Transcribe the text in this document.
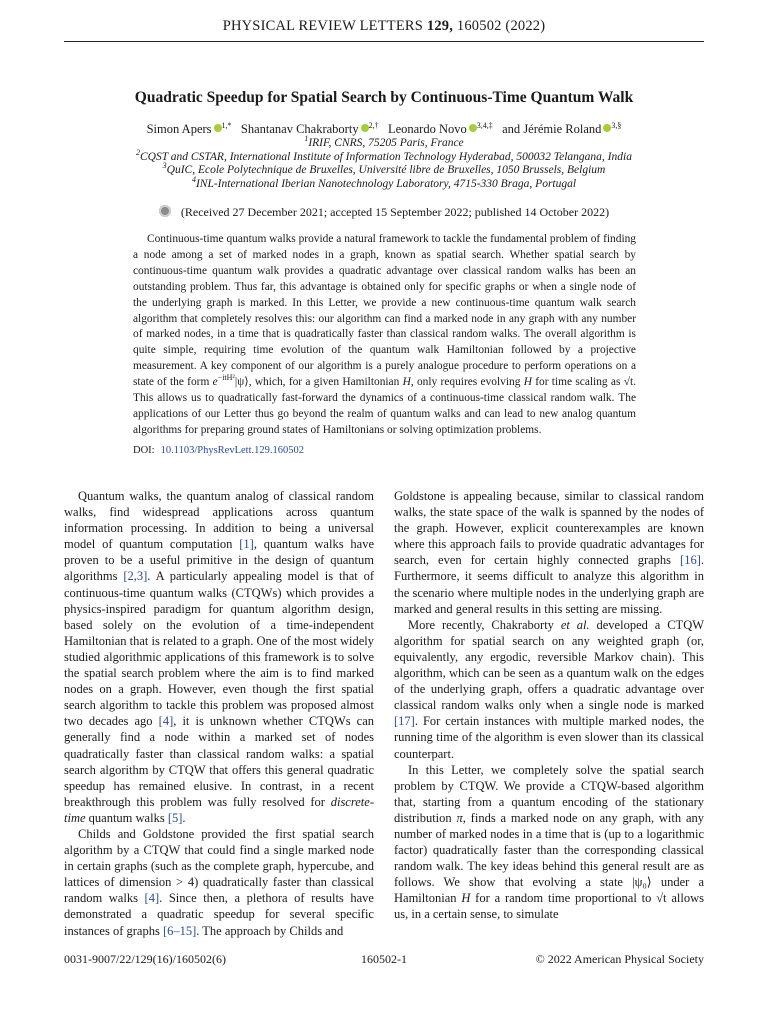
PHYSICAL REVIEW LETTERS 129, 160502 (2022)
Quadratic Speedup for Spatial Search by Continuous-Time Quantum Walk
Simon Apers $^{1,*}$ Shantanav Chakraborty $^{2,\dagger}$ Leonardo Novo $^{3,4,\ddagger}$ and Jérémie Roland $^{3,\S}$
$^1$IRIF, CNRS, 75205 Paris, France
$^2$CQST and CSTAR, International Institute of Information Technology Hyderabad, 500032 Telangana, India
$^3$QuIC, Ecole Polytechnique de Bruxelles, Université libre de Bruxelles, 1050 Brussels, Belgium
$^4$INL-International Iberian Nanotechnology Laboratory, 4715-330 Braga, Portugal
(Received 27 December 2021; accepted 15 September 2022; published 14 October 2022)

Continuous-time quantum walks provide a natural framework to tackle the fundamental problem of finding a node among a set of marked nodes in a graph, known as spatial search. Whether spatial search by continuous-time quantum walk provides a quadratic advantage over classical random walks has been an outstanding problem. Thus far, this advantage is obtained only for specific graphs or when a single node of the underlying graph is marked. In this Letter, we provide a new continuous-time quantum walk search algorithm that completely resolves this: our algorithm can find a marked node in any graph with any number of marked nodes, in a time that is quadratically faster than classical random walks. The overall algorithm is quite simple, requiring time evolution of the quantum walk Hamiltonian followed by a projective measurement. A key component of our algorithm is a purely analogue procedure to perform operations on a state of the form $e^{-itH^2}|\psi⟩$, which, for a given Hamiltonian H, only requires evolving H for time scaling as √t. This allows us to quadratically fast-forward the dynamics of a continuous-time classical random walk. The applications of our Letter thus go beyond the realm of quantum walks and can lead to new analog quantum algorithms for preparing ground states of Hamiltonians or solving optimization problems.

DOI: 10.1103/PhysRevLett.129.160502

Quantum walks, the quantum analog of classical random walks, find widespread applications across quantum information processing. In addition to being a universal model of quantum computation [1], quantum walks have proven to be a useful primitive in the design of quantum algorithms [2,3]. A particularly appealing model is that of continuous-time quantum walks (CTQWs) which provides a physics-inspired paradigm for quantum algorithm design, based solely on the evolution of a time-independent Hamiltonian that is related to a graph. One of the most widely studied algorithmic applications of this framework is to solve the spatial search problem where the aim is to find marked nodes on a graph. However, even though the first spatial search algorithm to tackle this problem was proposed almost two decades ago [4], it is unknown whether CTQWs can generally find a node within a marked set of nodes quadratically faster than classical random walks: a spatial search algorithm by CTQW that offers this general quadratic speedup has remained elusive. In contrast, in a recent breakthrough this problem was fully resolved for discrete-time quantum walks [5].

Childs and Goldstone provided the first spatial search algorithm by a CTQW that could find a single marked node in certain graphs (such as the complete graph, hypercube, and lattices of dimension > 4) quadratically faster than classical random walks [4]. Since then, a plethora of results have demonstrated a quadratic speedup for several specific instances of graphs [6–15]. The approach by Childs and

Goldstone is appealing because, similar to classical random walks, the state space of the walk is spanned by the nodes of the graph. However, explicit counterexamples are known where this approach fails to provide quadratic advantages for search, even for certain highly connected graphs [16]. Furthermore, it seems difficult to analyze this algorithm in the scenario where multiple nodes in the underlying graph are marked and general results in this setting are missing.

More recently, Chakraborty et al. developed a CTQW algorithm for spatial search on any weighted graph (or, equivalently, any ergodic, reversible Markov chain). This algorithm, which can be seen as a quantum walk on the edges of the underlying graph, offers a quadratic advantage over classical random walks only when a single node is marked [17]. For certain instances with multiple marked nodes, the running time of the algorithm is even slower than its classical counterpart.

In this Letter, we completely solve the spatial search problem by CTQW. We provide a CTQW-based algorithm that, starting from a quantum encoding of the stationary distribution π, finds a marked node on any graph, with any number of marked nodes in a time that is (up to a logarithmic factor) quadratically faster than the corresponding classical random walk. The key ideas behind this general result are as follows. We show that evolving a state |ψ₀⟩ under a Hamiltonian H for a random time proportional to √t allows us, in a certain sense, to simulate

0031-9007/22/129(16)/160502(6)	160502-1	© 2022 American Physical Society
